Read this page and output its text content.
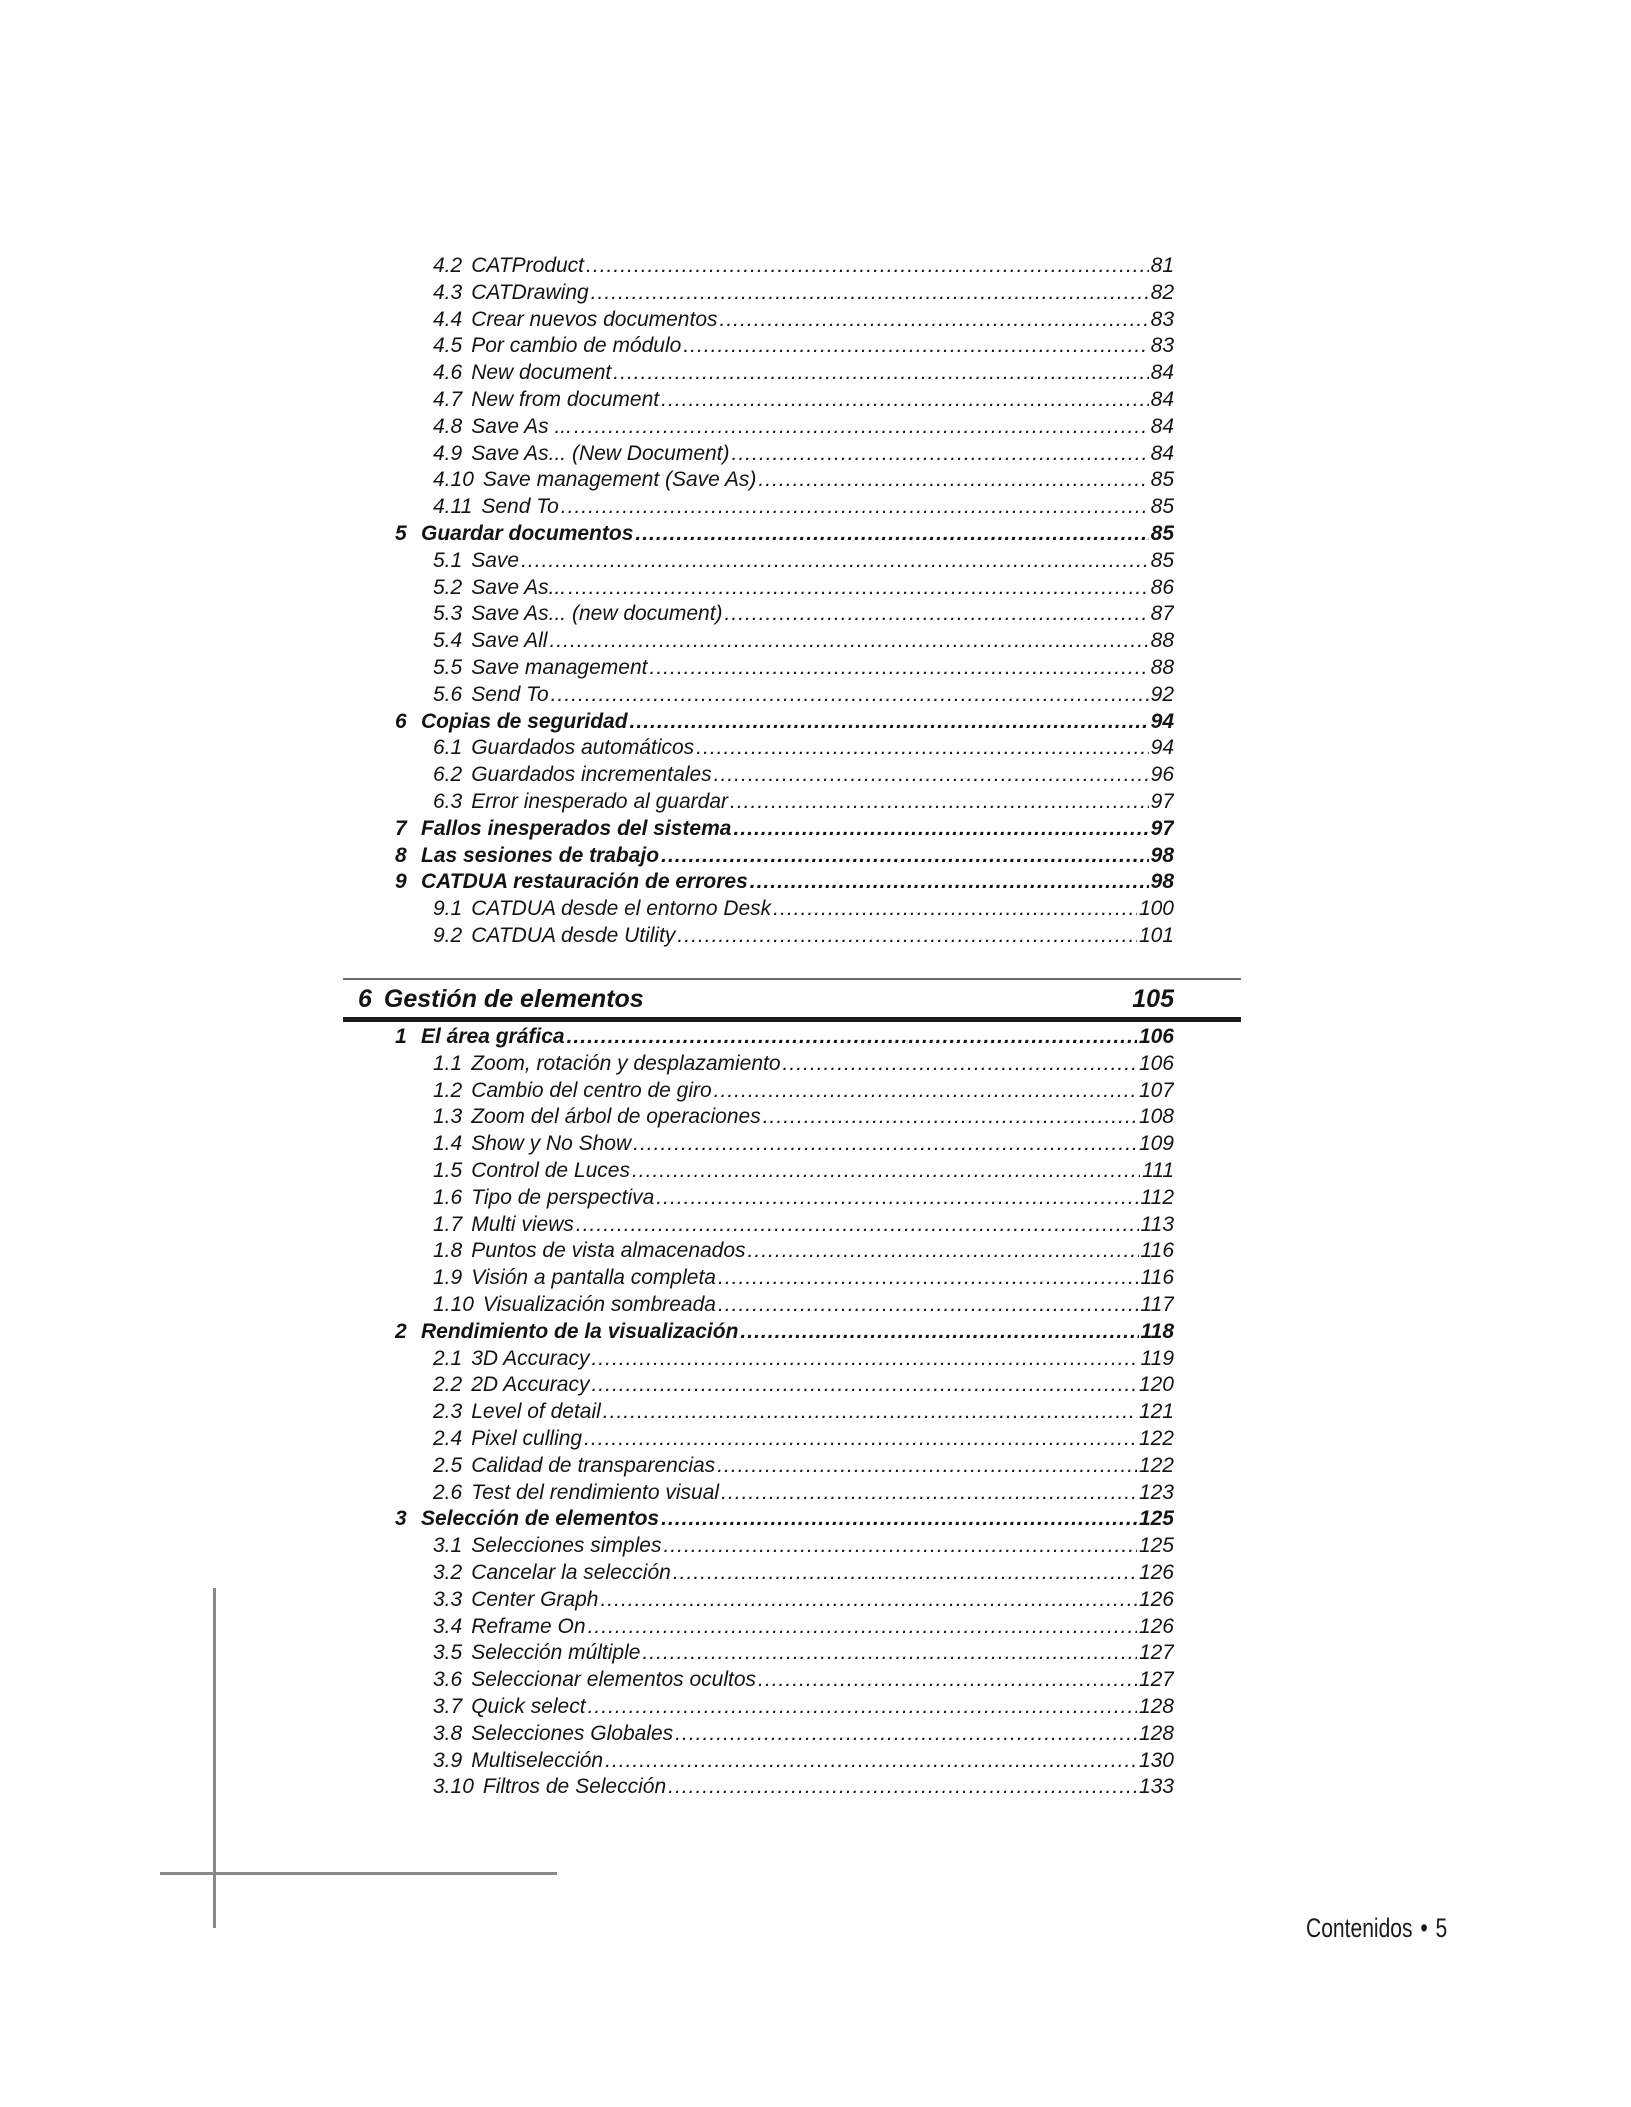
4.2 CATProduct .....	81
4.3 CATDrawing .....	82
4.4 Crear nuevos documentos .....	83
4.5 Por cambio de módulo .....	83
4.6 New document .....	84
4.7 New from document .....	84
4.8 Save As ... .....	84
4.9 Save As... (New Document) .....	84
4.10 Save management (Save As) .....	85
4.11 Send To .....	85
5 Guardar documentos .....	85
5.1 Save .....	85
5.2 Save As... .....	86
5.3 Save As... (new document) .....	87
5.4 Save All .....	88
5.5 Save management .....	88
5.6 Send To .....	92
6 Copias de seguridad .....	94
6.1 Guardados automáticos .....	94
6.2 Guardados incrementales .....	96
6.3 Error inesperado al guardar .....	97
7 Fallos inesperados del sistema .....	97
8 Las sesiones de trabajo .....	98
9 CATDUA restauración de errores .....	98
9.1 CATDUA desde el entorno Desk .....	100
9.2 CATDUA desde Utility .....	101
6 Gestión de elementos	105
1 El área gráfica .....	106
1.1 Zoom, rotación y desplazamiento .....	106
1.2 Cambio del centro de giro .....	107
1.3 Zoom del árbol de operaciones .....	108
1.4 Show y No Show .....	109
1.5 Control de Luces .....	111
1.6 Tipo de perspectiva .....	112
1.7 Multi views .....	113
1.8 Puntos de vista almacenados .....	116
1.9 Visión a pantalla completa .....	116
1.10 Visualización sombreada .....	117
2 Rendimiento de la visualización .....	118
2.1 3D Accuracy .....	119
2.2 2D Accuracy .....	120
2.3 Level of detail .....	121
2.4 Pixel culling .....	122
2.5 Calidad de transparencias .....	122
2.6 Test del rendimiento visual .....	123
3 Selección de elementos .....	125
3.1 Selecciones simples .....	125
3.2 Cancelar la selección .....	126
3.3 Center Graph .....	126
3.4 Reframe On .....	126
3.5 Selección múltiple .....	127
3.6 Seleccionar elementos ocultos .....	127
3.7 Quick select .....	128
3.8 Selecciones Globales .....	128
3.9 Multiselección .....	130
3.10 Filtros de Selección .....	133
Contenidos • 5
